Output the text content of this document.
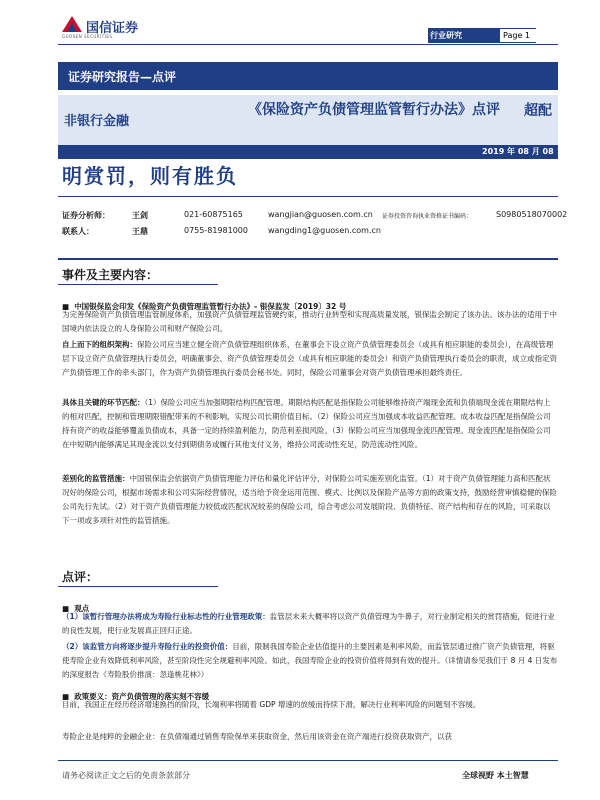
国信证券
GUOSEN SECURITIES	行业研究	Page 1
证券研究报告—点评
非银行金融
《保险资产负债管理监管暂行办法》点评	超配
2019 年 08 月 08 日
明赏罚，则有胜负
证券分析师：	王剑	021-60875165	wangjian@guosen.com.cn 证券投资咨询执业资格证书编码：	S0980518070002
联系人：	王鼎	0755-81981000	wangding1@guosen.com.cn
事件及主要内容：
■ 中国银保监会印发《保险资产负债管理监管暂行办法》- 银保监发〔2019〕32 号
为完善保险资产负债管理监管制度体系，加强资产负债管理监管硬约束，推动行业转型和实现高质量发展，银保监会制定了该办法。该办法的适用于中国境内依法设立的人身保险公司和财产保险公司。
自上而下的组织架构：保险公司应当建立健全资产负债管理组织体系，在董事会下设立资产负债管理委员会（或具有相应职能的委员会），在高级管理层下设立资产负债管理执行委员会，明确董事会、资产负债管理委员会（或具有相应职能的委员会）和资产负债管理执行委员会的职责，成立或指定资产负债管理工作的牵头部门，作为资产负债管理执行委员会秘书处。同时，保险公司董事会对资产负债管理承担最终责任。
具体且关键的环节匹配：（1）保险公司应当加强期限结构匹配管理。期限结构匹配是指保险公司能够维持资产端现金流和负债端现金流在期限结构上的相对匹配，控制和管理期限错配带来的不利影响，实现公司长期价值目标。（2）保险公司应当加强成本收益匹配管理。成本收益匹配是指保险公司持有资产的收益能够覆盖负债成本，具备一定的持续盈利能力，防范利差损风险。（3）保险公司应当加强现金流匹配管理。现金流匹配是指保险公司在中短期内能够满足其现金流以支付到期债务或履行其他支付义务，维持公司流动性充足，防范流动性风险。
差别化的监管措施：中国银保监会依据资产负债管理能力评估和量化评估评分，对保险公司实施差别化监管。（1）对于资产负债管理能力高和匹配状况好的保险公司，根据市场需求和公司实际经营情况，适当给予资金运用范围、模式、比例以及保险产品等方面的政策支持，鼓励经营审慎稳健的保险公司先行先试。（2）对于资产负债管理能力较低或匹配状况较差的保险公司，综合考虑公司发展阶段、负债特征、资产结构和存在的风险，可采取以下一项或多项针对性的监管措施。
点评：
■ 观点
（1）该暂行管理办法将成为寿险行业标志性的行业管理政策：监管层未来大概率将以资产负债管理为牛鼻子，对行业制定相关的赏罚措施，促进行业的良性发展，使行业发展真正回归正途。
（2）该监管方向将逐步提升寿险行业的投资价值：目前，限制我国寿险企业估值提升的主要因素是利率风险，而监管层通过推广资产负债管理，将驱使寿险企业有效降低利率风险，甚至阶段性完全规避利率风险。如此，我国寿险企业的投资价值将得到有效的提升。（详情请参见我们于 8 月 4 日发布的深度报告《寿险股价推演：忽逢桃花林》）
■ 政策要义：资产负债管理的落实刻不容缓
目前，我国正在经历经济增速换挡的阶段，长端利率将随着 GDP 增速的放缓而持续下滑，解决行业利率风险的问题刻不容缓。
寿险企业是纯粹的金融企业：在负债端通过销售寿险保单来获取资金，然后用该资金在资产端进行投资获取资产，以获
请务必阅读正文之后的免责条款部分	全球视野 本土智慧
